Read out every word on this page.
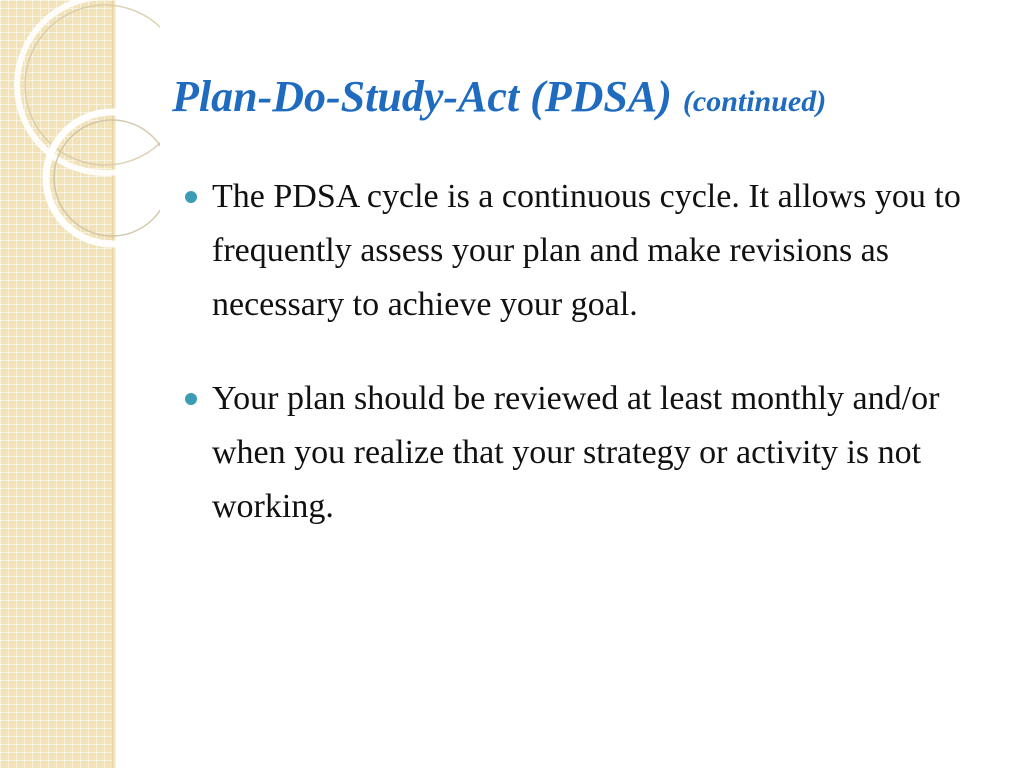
Plan-Do-Study-Act (PDSA) (continued)
The PDSA cycle is a continuous cycle. It allows you to frequently assess your plan and make revisions as necessary to achieve your goal.
Your plan should be reviewed at least monthly and/or when you realize that your strategy or activity is not working.
